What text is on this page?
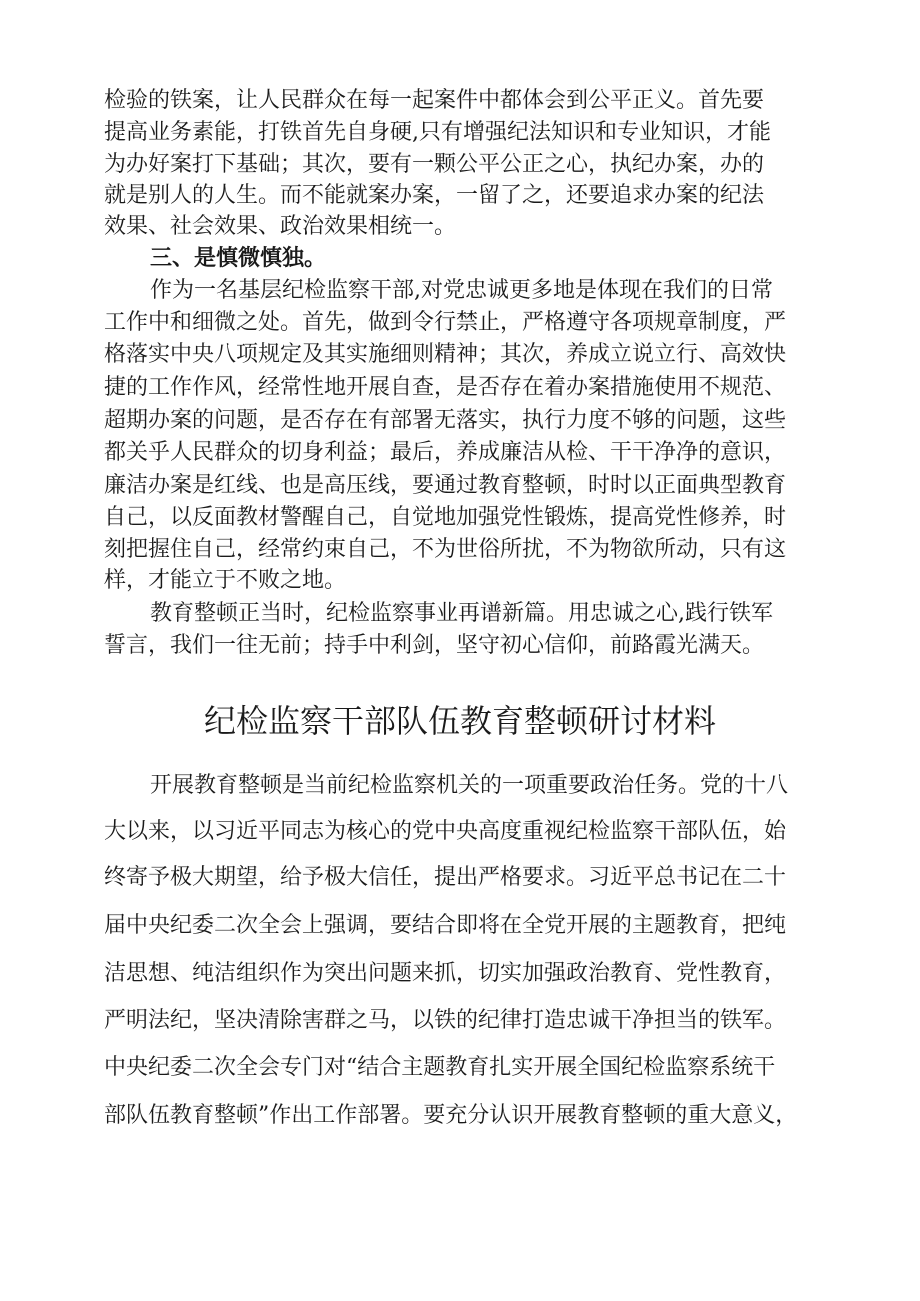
检验的铁案，让人民群众在每一起案件中都体会到公平正义。首先要
提高业务素能，打铁首先自身硬,只有增强纪法知识和专业知识，才能
为办好案打下基础；其次，要有一颗公平公正之心，执纪办案，办的
就是别人的人生。而不能就案办案，一留了之，还要追求办案的纪法
效果、社会效果、政治效果相统一。
三、是慎微慎独。
作为一名基层纪检监察干部,对党忠诚更多地是体现在我们的日常
工作中和细微之处。首先，做到令行禁止，严格遵守各项规章制度，严
格落实中央八项规定及其实施细则精神；其次，养成立说立行、高效快
捷的工作作风，经常性地开展自查，是否存在着办案措施使用不规范、
超期办案的问题，是否存在有部署无落实，执行力度不够的问题，这些
都关乎人民群众的切身利益；最后，养成廉洁从检、干干净净的意识，
廉洁办案是红线、也是高压线，要通过教育整顿，时时以正面典型教育
自己，以反面教材警醒自己，自觉地加强党性锻炼，提高党性修养，时
刻把握住自己，经常约束自己，不为世俗所扰，不为物欲所动，只有这
样，才能立于不败之地。
教育整顿正当时，纪检监察事业再谱新篇。用忠诚之心,践行铁军
誓言，我们一往无前；持手中利剑，坚守初心信仰，前路霞光满天。
纪检监察干部队伍教育整顿研讨材料
开展教育整顿是当前纪检监察机关的一项重要政治任务。党的十八
大以来，以习近平同志为核心的党中央高度重视纪检监察干部队伍，始
终寄予极大期望，给予极大信任，提出严格要求。习近平总书记在二十
届中央纪委二次全会上强调，要结合即将在全党开展的主题教育，把纯
洁思想、纯洁组织作为突出问题来抓，切实加强政治教育、党性教育，
严明法纪，坚决清除害群之马，以铁的纪律打造忠诚干净担当的铁军。
中央纪委二次全会专门对“结合主题教育扎实开展全国纪检监察系统干
部队伍教育整顿”作出工作部署。要充分认识开展教育整顿的重大意义，
